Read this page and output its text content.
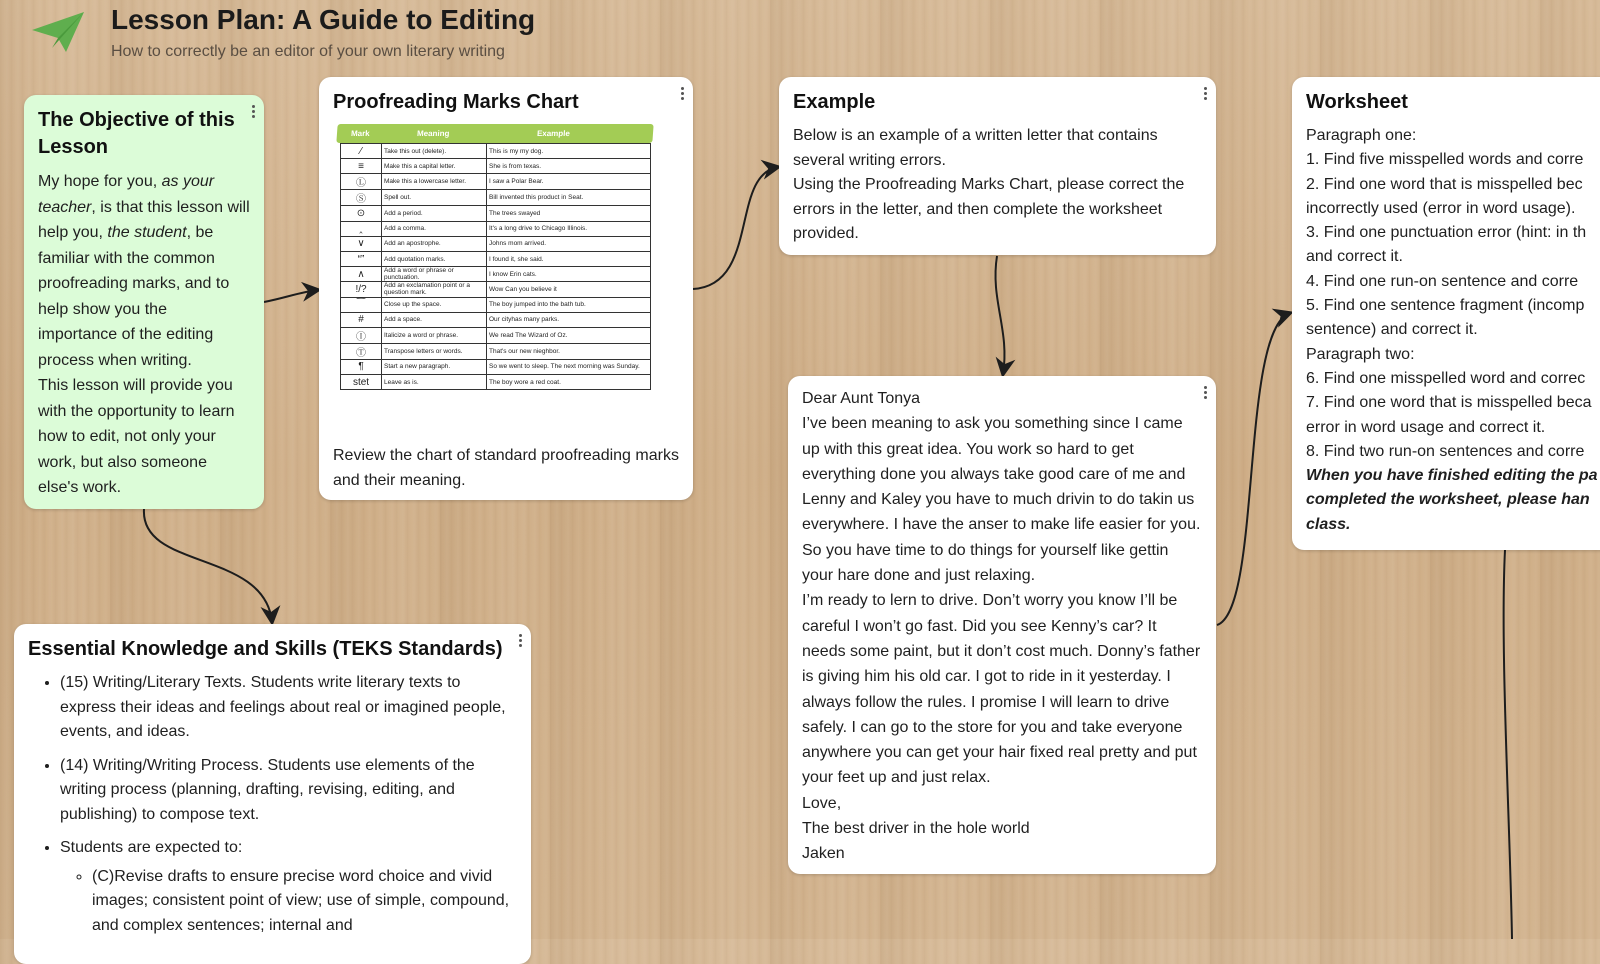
Lesson Plan: A Guide to Editing
How to correctly be an editor of your own literary writing
The Objective of this Lesson

My hope for you, as your teacher, is that this lesson will help you, the student, be familiar with the common proofreading marks, and to help show you the importance of the editing process when writing.

This lesson will provide you with the opportunity to learn how to edit, not only your work, but also someone else's work.

Proofreading Marks Chart
Mark	Meaning	Example
⁄	Take this out (delete).	This is my my dog.
≡	Make this a capital letter.	She is from texas.
Ⓛ	Make this a lowercase letter.	I saw a Polar Bear.
Ⓢ	Spell out.	Bill invented this product in Seat.
⊙	Add a period.	The trees swayed
‸	Add a comma.	It's a long drive to Chicago Illinois.
∨	Add an apostrophe.	Johns mom arrived.
“”	Add quotation marks.	I found it, she said.
∧	Add a word or phrase or punctuation.	I know Erin cats.
!/?	Add an exclamation point or a question mark.	Wow Can you believe it
⁀	Close up the space.	The boy jumped into the bath tub.
#	Add a space.	Our cityhas many parks.
Ⓘ	Italicize a word or phrase.	We read The Wizard of Oz.
Ⓣ	Transpose letters or words.	That's our new nieghbor.
¶	Start a new paragraph.	So we went to sleep. The next morning was Sunday.
stet	Leave as is.	The boy wore a red coat.

Review the chart of standard proofreading marks and their meaning.

Example

Below is an example of a written letter that contains several writing errors.

Using the Proofreading Marks Chart, please correct the errors in the letter, and then complete the worksheet provided.

Dear Aunt Tonya

I’ve been meaning to ask you something since I came up with this great idea. You work so hard to get everything done you always take good care of me and Lenny and Kaley you have to much drivin to do takin us everywhere. I have the anser to make life easier for you. So you have time to do things for yourself like gettin your hare done and just relaxing.

I’m ready to lern to drive. Don’t worry you know I’ll be careful I won’t go fast. Did you see Kenny’s car? It needs some paint, but it don’t cost much. Donny’s father is giving him his old car. I got to ride in it yesterday. I always follow the rules. I promise I will learn to drive safely. I can go to the store for you and take everyone anywhere you can get your hair fixed real pretty and put your feet up and just relax.

Love,

The best driver in the hole world

Jaken

Worksheet

Paragraph one:

1. Find five misspelled words and corre

2. Find one word that is misspelled bec

incorrectly used (error in word usage).

3. Find one punctuation error (hint: in th

and correct it.

4. Find one run-on sentence and corre

5. Find one sentence fragment (incomp

sentence) and correct it.

Paragraph two:

6. Find one misspelled word and correc

7. Find one word that is misspelled beca

error in word usage and correct it.

8. Find two run-on sentences and corre

When you have finished editing the pa

completed the worksheet, please han

class.

Essential Knowledge and Skills (TEKS Standards)
• (15) Writing/Literary Texts. Students write literary texts to express their ideas and feelings about real or imagined people, events, and ideas.
• (14) Writing/Writing Process. Students use elements of the writing process (planning, drafting, revising, editing, and publishing) to compose text.
• Students are expected to:
◦ (C)Revise drafts to ensure precise word choice and vivid images; consistent point of view; use of simple, compound, and complex sentences; internal and
